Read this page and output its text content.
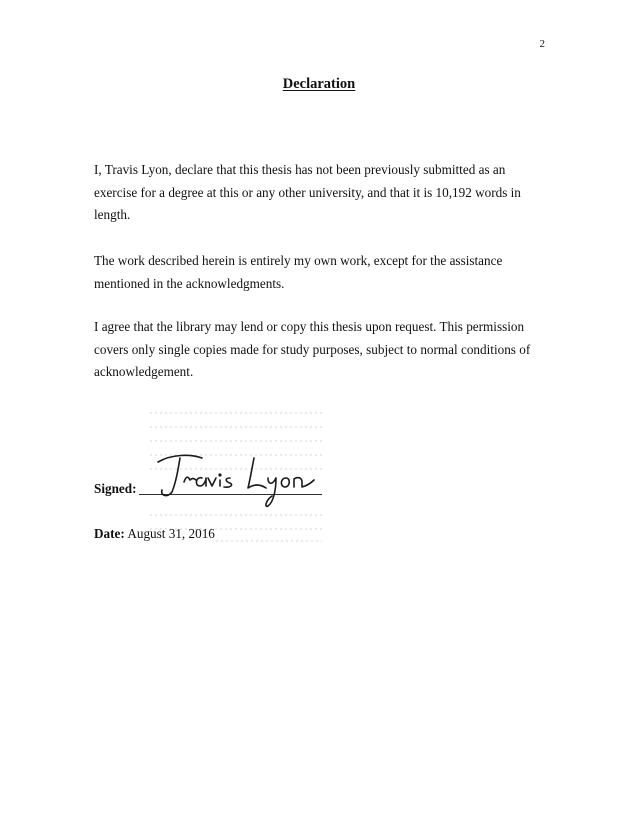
2
Declaration

I, Travis Lyon, declare that this thesis has not been previously submitted as an
exercise for a degree at this or any other university, and that it is 10,192 words in
length.

The work described herein is entirely my own work, except for the assistance
mentioned in the acknowledgments.

I agree that the library may lend or copy this thesis upon request. This permission
covers only single copies made for study purposes, subject to normal conditions of
acknowledgement.

Signed:
Date: August 31, 2016
